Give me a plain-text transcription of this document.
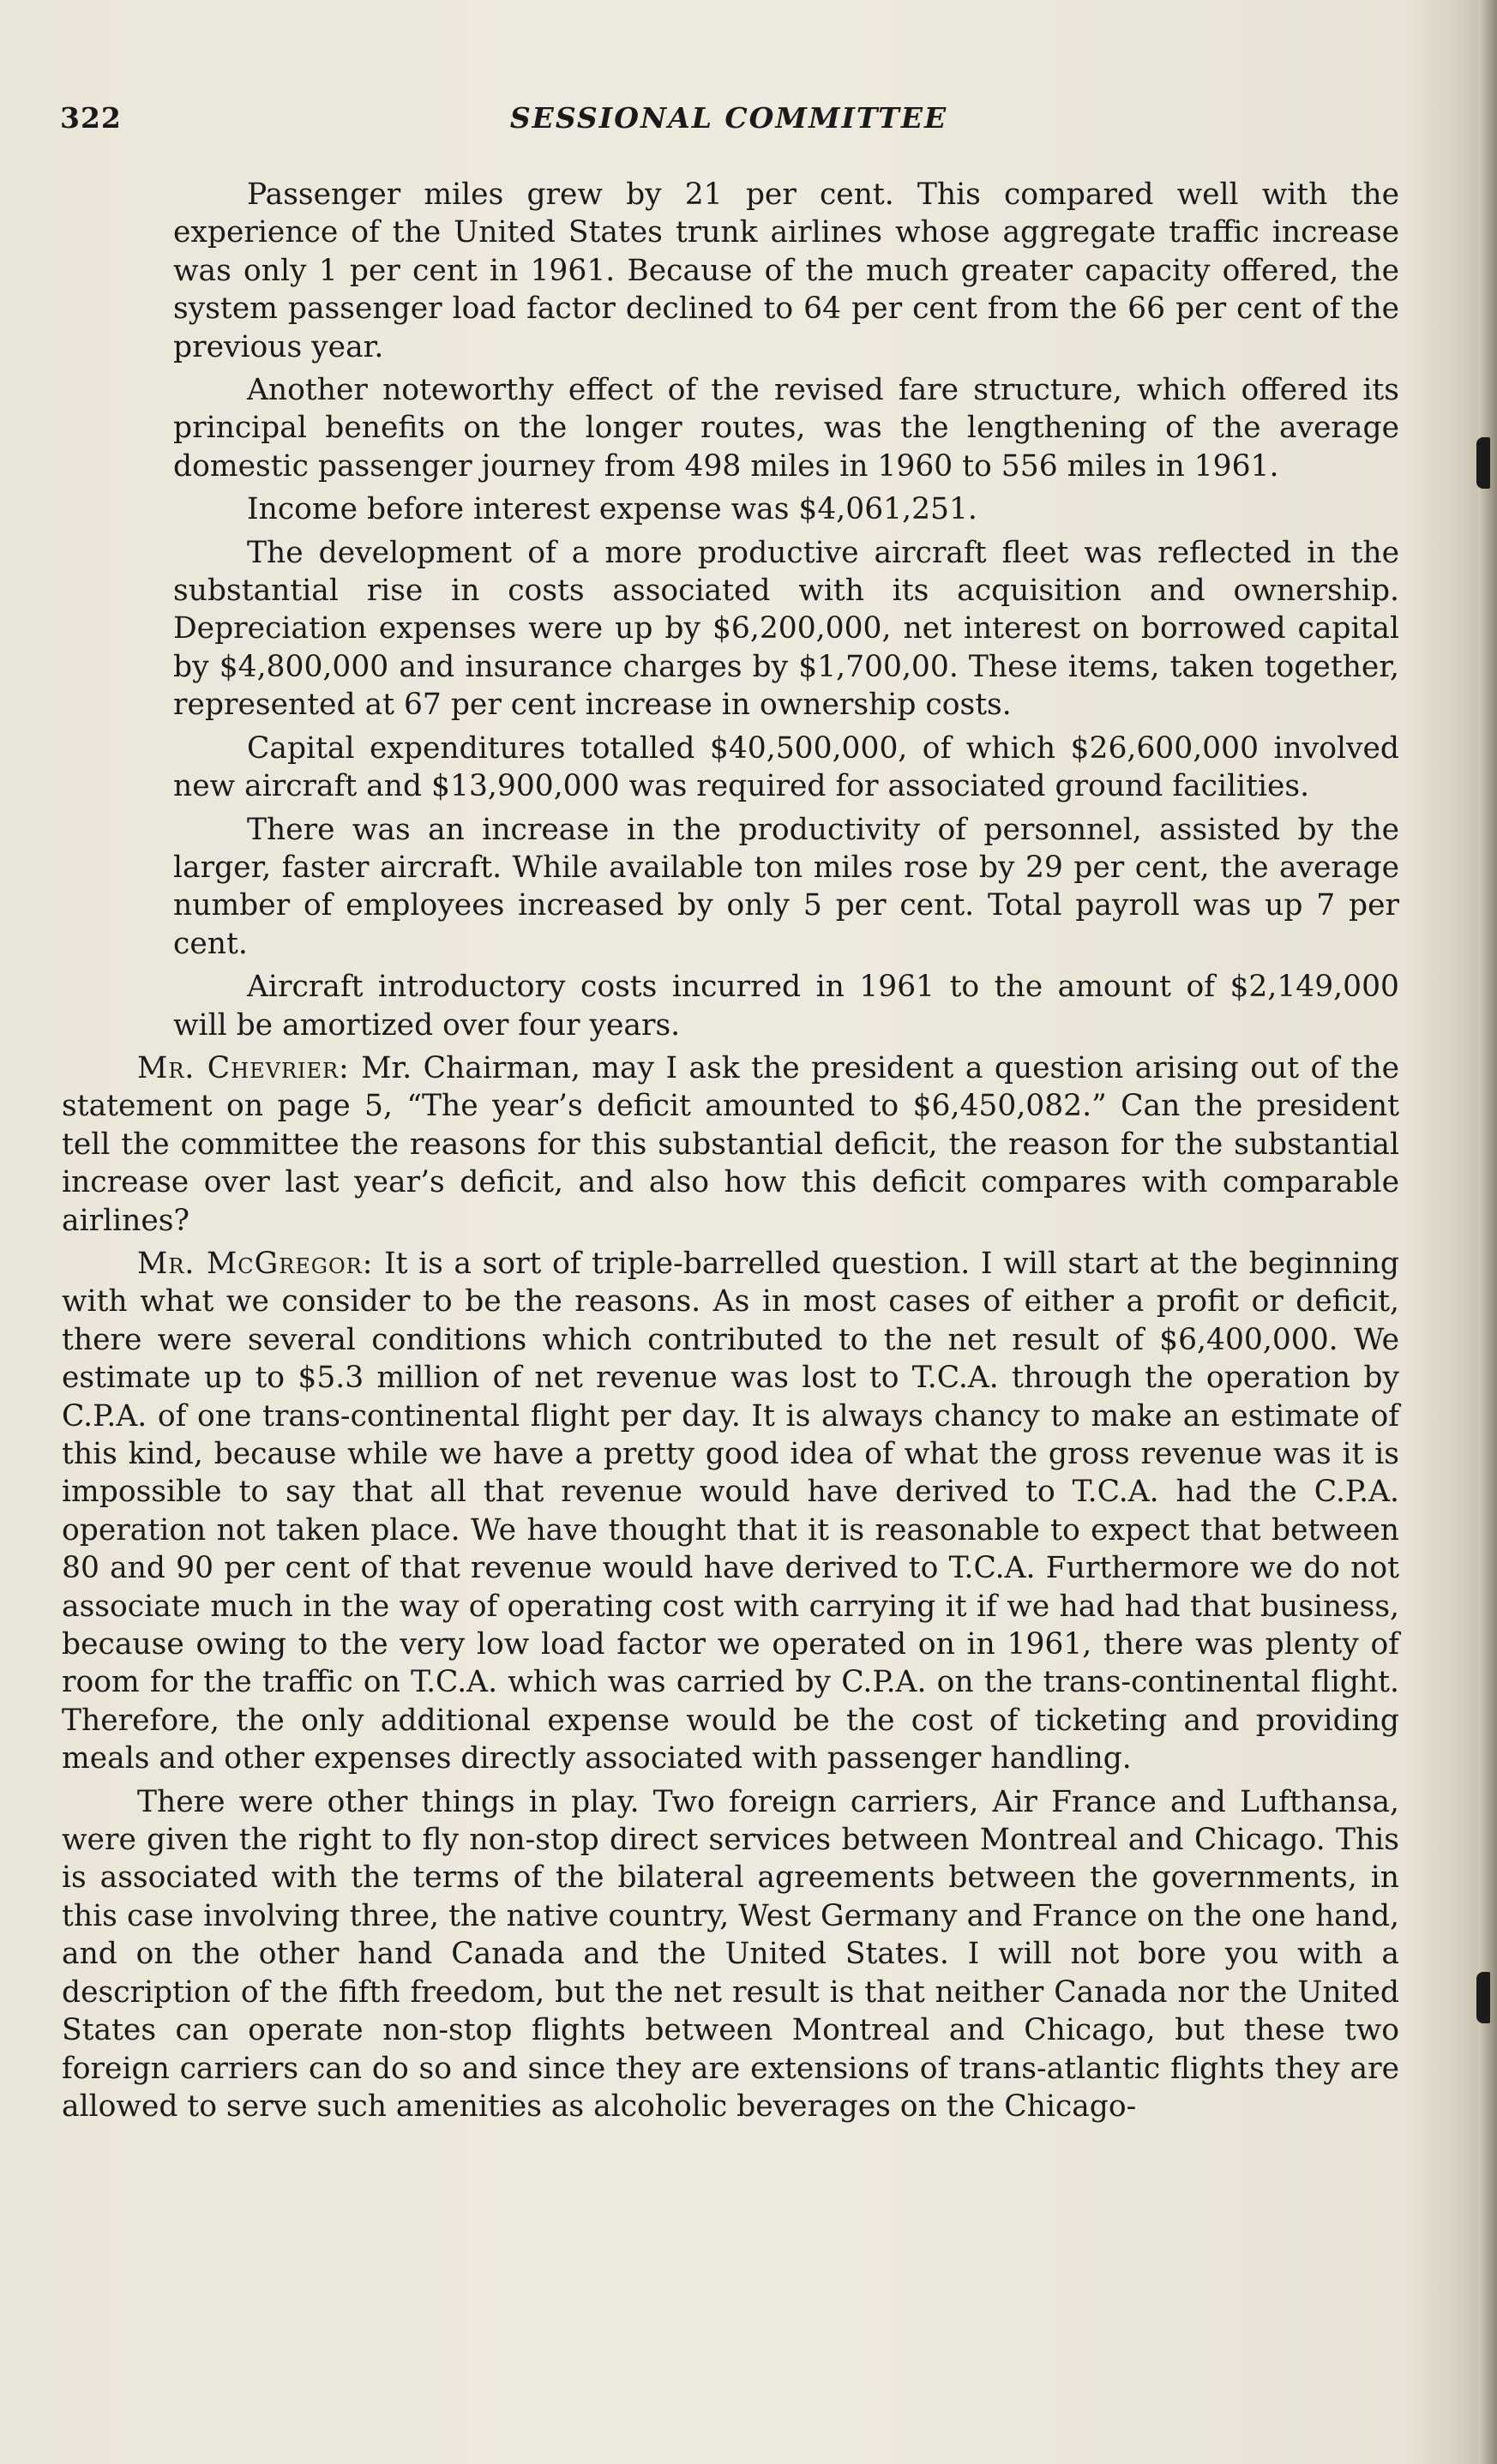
322	SESSIONAL COMMITTEE

Passenger miles grew by 21 per cent. This compared well with the experience of the United States trunk airlines whose aggregate traffic increase was only 1 per cent in 1961. Because of the much greater capacity offered, the system passenger load factor declined to 64 per cent from the 66 per cent of the previous year.

Another noteworthy effect of the revised fare structure, which offered its principal benefits on the longer routes, was the lengthening of the average domestic passenger journey from 498 miles in 1960 to 556 miles in 1961.

Income before interest expense was $4,061,251.

The development of a more productive aircraft fleet was reflected in the substantial rise in costs associated with its acquisition and ownership. Depreciation expenses were up by $6,200,000, net interest on borrowed capital by $4,800,000 and insurance charges by $1,700,00. These items, taken together, represented at 67 per cent increase in ownership costs.

Capital expenditures totalled $40,500,000, of which $26,600,000 involved new aircraft and $13,900,000 was required for associated ground facilities.

There was an increase in the productivity of personnel, assisted by the larger, faster aircraft. While available ton miles rose by 29 per cent, the average number of employees increased by only 5 per cent. Total payroll was up 7 per cent.

Aircraft introductory costs incurred in 1961 to the amount of $2,149,000 will be amortized over four years.

Mr. Chevrier: Mr. Chairman, may I ask the president a question arising out of the statement on page 5, “The year’s deficit amounted to $6,450,082.” Can the president tell the committee the reasons for this substantial deficit, the reason for the substantial increase over last year’s deficit, and also how this deficit compares with comparable airlines?

Mr. McGregor: It is a sort of triple-barrelled question. I will start at the beginning with what we consider to be the reasons. As in most cases of either a profit or deficit, there were several conditions which contributed to the net result of $6,400,000. We estimate up to $5.3 million of net revenue was lost to T.C.A. through the operation by C.P.A. of one trans-continental flight per day. It is always chancy to make an estimate of this kind, because while we have a pretty good idea of what the gross revenue was it is impossible to say that all that revenue would have derived to T.C.A. had the C.P.A. operation not taken place. We have thought that it is reasonable to expect that between 80 and 90 per cent of that revenue would have derived to T.C.A. Furthermore we do not associate much in the way of operating cost with carrying it if we had had that business, because owing to the very low load factor we operated on in 1961, there was plenty of room for the traffic on T.C.A. which was carried by C.P.A. on the trans-continental flight. Therefore, the only additional expense would be the cost of ticketing and providing meals and other expenses directly associated with passenger handling.

There were other things in play. Two foreign carriers, Air France and Lufthansa, were given the right to fly non-stop direct services between Montreal and Chicago. This is associated with the terms of the bilateral agreements between the governments, in this case involving three, the native country, West Germany and France on the one hand, and on the other hand Canada and the United States. I will not bore you with a description of the fifth freedom, but the net result is that neither Canada nor the United States can operate non-stop flights between Montreal and Chicago, but these two foreign carriers can do so and since they are extensions of trans-atlantic flights they are allowed to serve such amenities as alcoholic beverages on the Chicago-
